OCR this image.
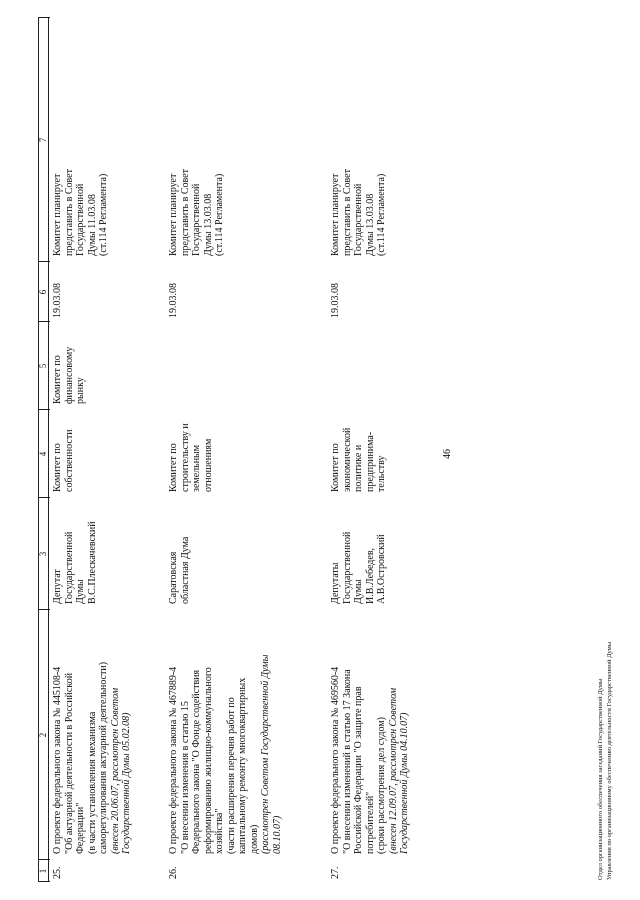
46
1
2
3
4
5
6
7
25.
О проекте федерального закона № 445108-4 "Об актуарной деятельности в Российской Федерации" (в части установления механизма саморегулирования актуарной деятельности) (внесен 20.06.07, рассмотрен Советом Государственной Думы 05.02.08)
Депутат Государственной Думы В.С.Плескачевский
Комитет по собственности
Комитет по финансовому рынку
19.03.08
Комитет планирует представить в Совет Государственной Думы 11.03.08 (ст.114 Регламента)
26.
О проекте федерального закона № 467889-4 "О внесении изменения в статью 15 Федерального закона "О Фонде содействия реформированию жилищно-коммунального хозяйства" (части расширения перечня работ по капитальному ремонту многоквартирных домов) (рассмотрен Советом Государственной Думы 08.10.07)
Саратовская областная Дума
Комитет по строительству и земельным отношениям
19.03.08
Комитет планирует представить в Совет Государственной Думы 13.03.08 (ст.114 Регламента)
27.
О проекте федерального закона № 469560-4 "О внесении изменений в статью 17 Закона Российской Федерации "О защите прав потребителей" (сроки рассмотрения дел судом) (внесен 12.09.07, рассмотрен Советом Государственной Думы 04.10.07)
Депутаты Государственной Думы И.В.Лебедев, А.В.Островский
Комитет по экономической политике и предпринима- тельству
19.03.08
Комитет планирует представить в Совет Государственной Думы 13.03.08 (ст.114 Регламента)
Отдел организационного обеспечения заседаний Государственной Думы Управления по организационному обеспечению деятельности Государственной Думы
